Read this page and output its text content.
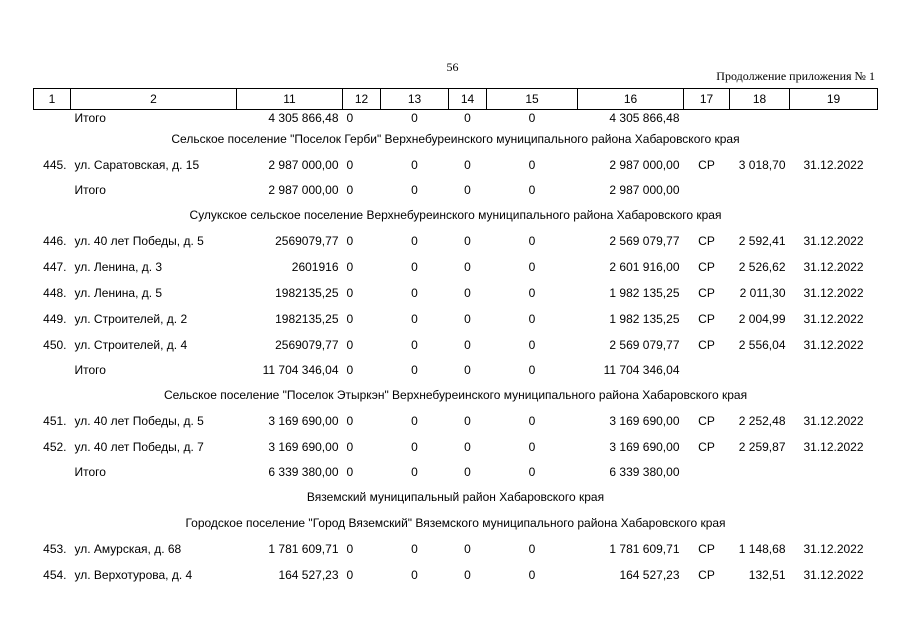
56
Продолжение приложения № 1
1	2	11	12	13	14	15	16	17	18	19
	Итого	4 305 866,48	0	0	0	0	4 305 866,48			
Сельское поселение "Поселок Герби" Верхнебуреинского муниципального района Хабаровского края										
445.	ул. Саратовская, д. 15	2 987 000,00	0	0	0	0	2 987 000,00	СР	3 018,70	31.12.2022
	Итого	2 987 000,00	0	0	0	0	2 987 000,00			
Сулукское сельское поселение Верхнебуреинского муниципального района Хабаровского края										
446.	ул. 40 лет Победы, д. 5	2569079,77	0	0	0	0	2 569 079,77	СР	2 592,41	31.12.2022
447.	ул. Ленина, д. 3	2601916	0	0	0	0	2 601 916,00	СР	2 526,62	31.12.2022
448.	ул. Ленина, д. 5	1982135,25	0	0	0	0	1 982 135,25	СР	2 011,30	31.12.2022
449.	ул. Строителей, д. 2	1982135,25	0	0	0	0	1 982 135,25	СР	2 004,99	31.12.2022
450.	ул. Строителей, д. 4	2569079,77	0	0	0	0	2 569 079,77	СР	2 556,04	31.12.2022
	Итого	11 704 346,04	0	0	0	0	11 704 346,04			
Сельское поселение "Поселок Этыркэн" Верхнебуреинского муниципального района Хабаровского края										
451.	ул. 40 лет Победы, д. 5	3 169 690,00	0	0	0	0	3 169 690,00	СР	2 252,48	31.12.2022
452.	ул. 40 лет Победы, д. 7	3 169 690,00	0	0	0	0	3 169 690,00	СР	2 259,87	31.12.2022
	Итого	6 339 380,00	0	0	0	0	6 339 380,00			
Вяземский муниципальный район Хабаровского края										
Городское поселение "Город Вяземский" Вяземского муниципального района Хабаровского края										
453.	ул. Амурская, д. 68	1 781 609,71	0	0	0	0	1 781 609,71	СР	1 148,68	31.12.2022
454.	ул. Верхотурова, д. 4	164 527,23	0	0	0	0	164 527,23	СР	132,51	31.12.2022
